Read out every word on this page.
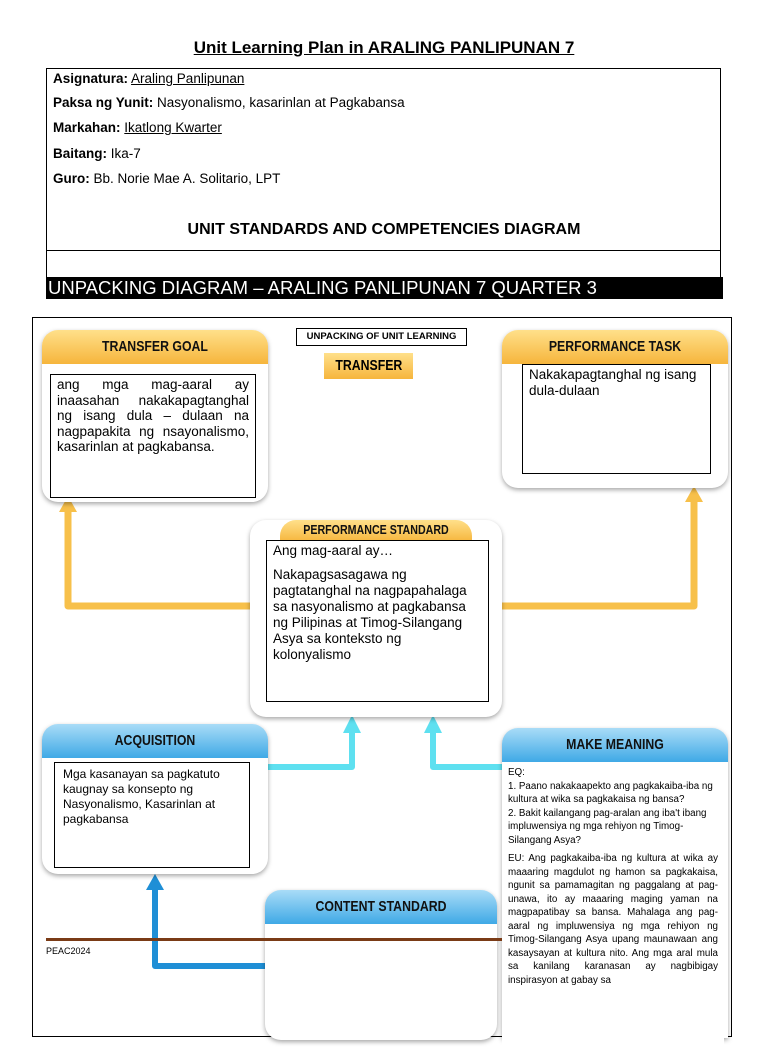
Unit Learning Plan in ARALING PANLIPUNAN 7
Asignatura: Araling Panlipunan
Paksa ng Yunit: Nasyonalismo, kasarinlan at Pagkabansa
Markahan: Ikatlong Kwarter
Baitang: Ika-7
Guro: Bb. Norie Mae A. Solitario, LPT
UNIT STANDARDS AND COMPETENCIES DIAGRAM
UNPACKING DIAGRAM – ARALING PANLIPUNAN 7 QUARTER 3
UNPACKING OF UNIT LEARNING
TRANSFER
TRANSFER GOAL
ang mga mag-aaral ay inaasahan nakakapagtanghal ng isang dula – dulaan na nagpapakita ng nsayonalismo, kasarinlan at pagkabansa.
PERFORMANCE TASK
Nakakapagtanghal ng isang dula-dulaan
PERFORMANCE STANDARD

Ang mag-aaral ay…

Nakapagsasagawa ng pagtatanghal na nagpapahalaga sa nasyonalismo at pagkabansa ng Pilipinas at Timog-Silangang Asya sa konteksto ng kolonyalismo

ACQUISITION
Mga kasanayan sa pagkatuto kaugnay sa konsepto ng Nasyonalismo, Kasarinlan at pagkabansa
MAKE MEANING

EQ:

1. Paano nakakaapekto ang pagkakaiba-iba ng kultura at wika sa pagkakaisa ng bansa?

2. Bakit kailangang pag-aralan ang iba't ibang impluwensiya ng mga rehiyon ng Timog-Silangang Asya?

EU: Ang pagkakaiba-iba ng kultura at wika ay maaaring magdulot ng hamon sa pagkakaisa, ngunit sa pamamagitan ng paggalang at pag-unawa, ito ay maaaring maging yaman na magpapatibay sa bansa. Mahalaga ang pag-aaral ng impluwensiya ng mga rehiyon ng Timog-Silangang Asya upang maunawaan ang kasaysayan at kultura nito. Ang mga aral mula sa kanilang karanasan ay nagbibigay inspirasyon at gabay sa

CONTENT STANDARD
PEAC2024
